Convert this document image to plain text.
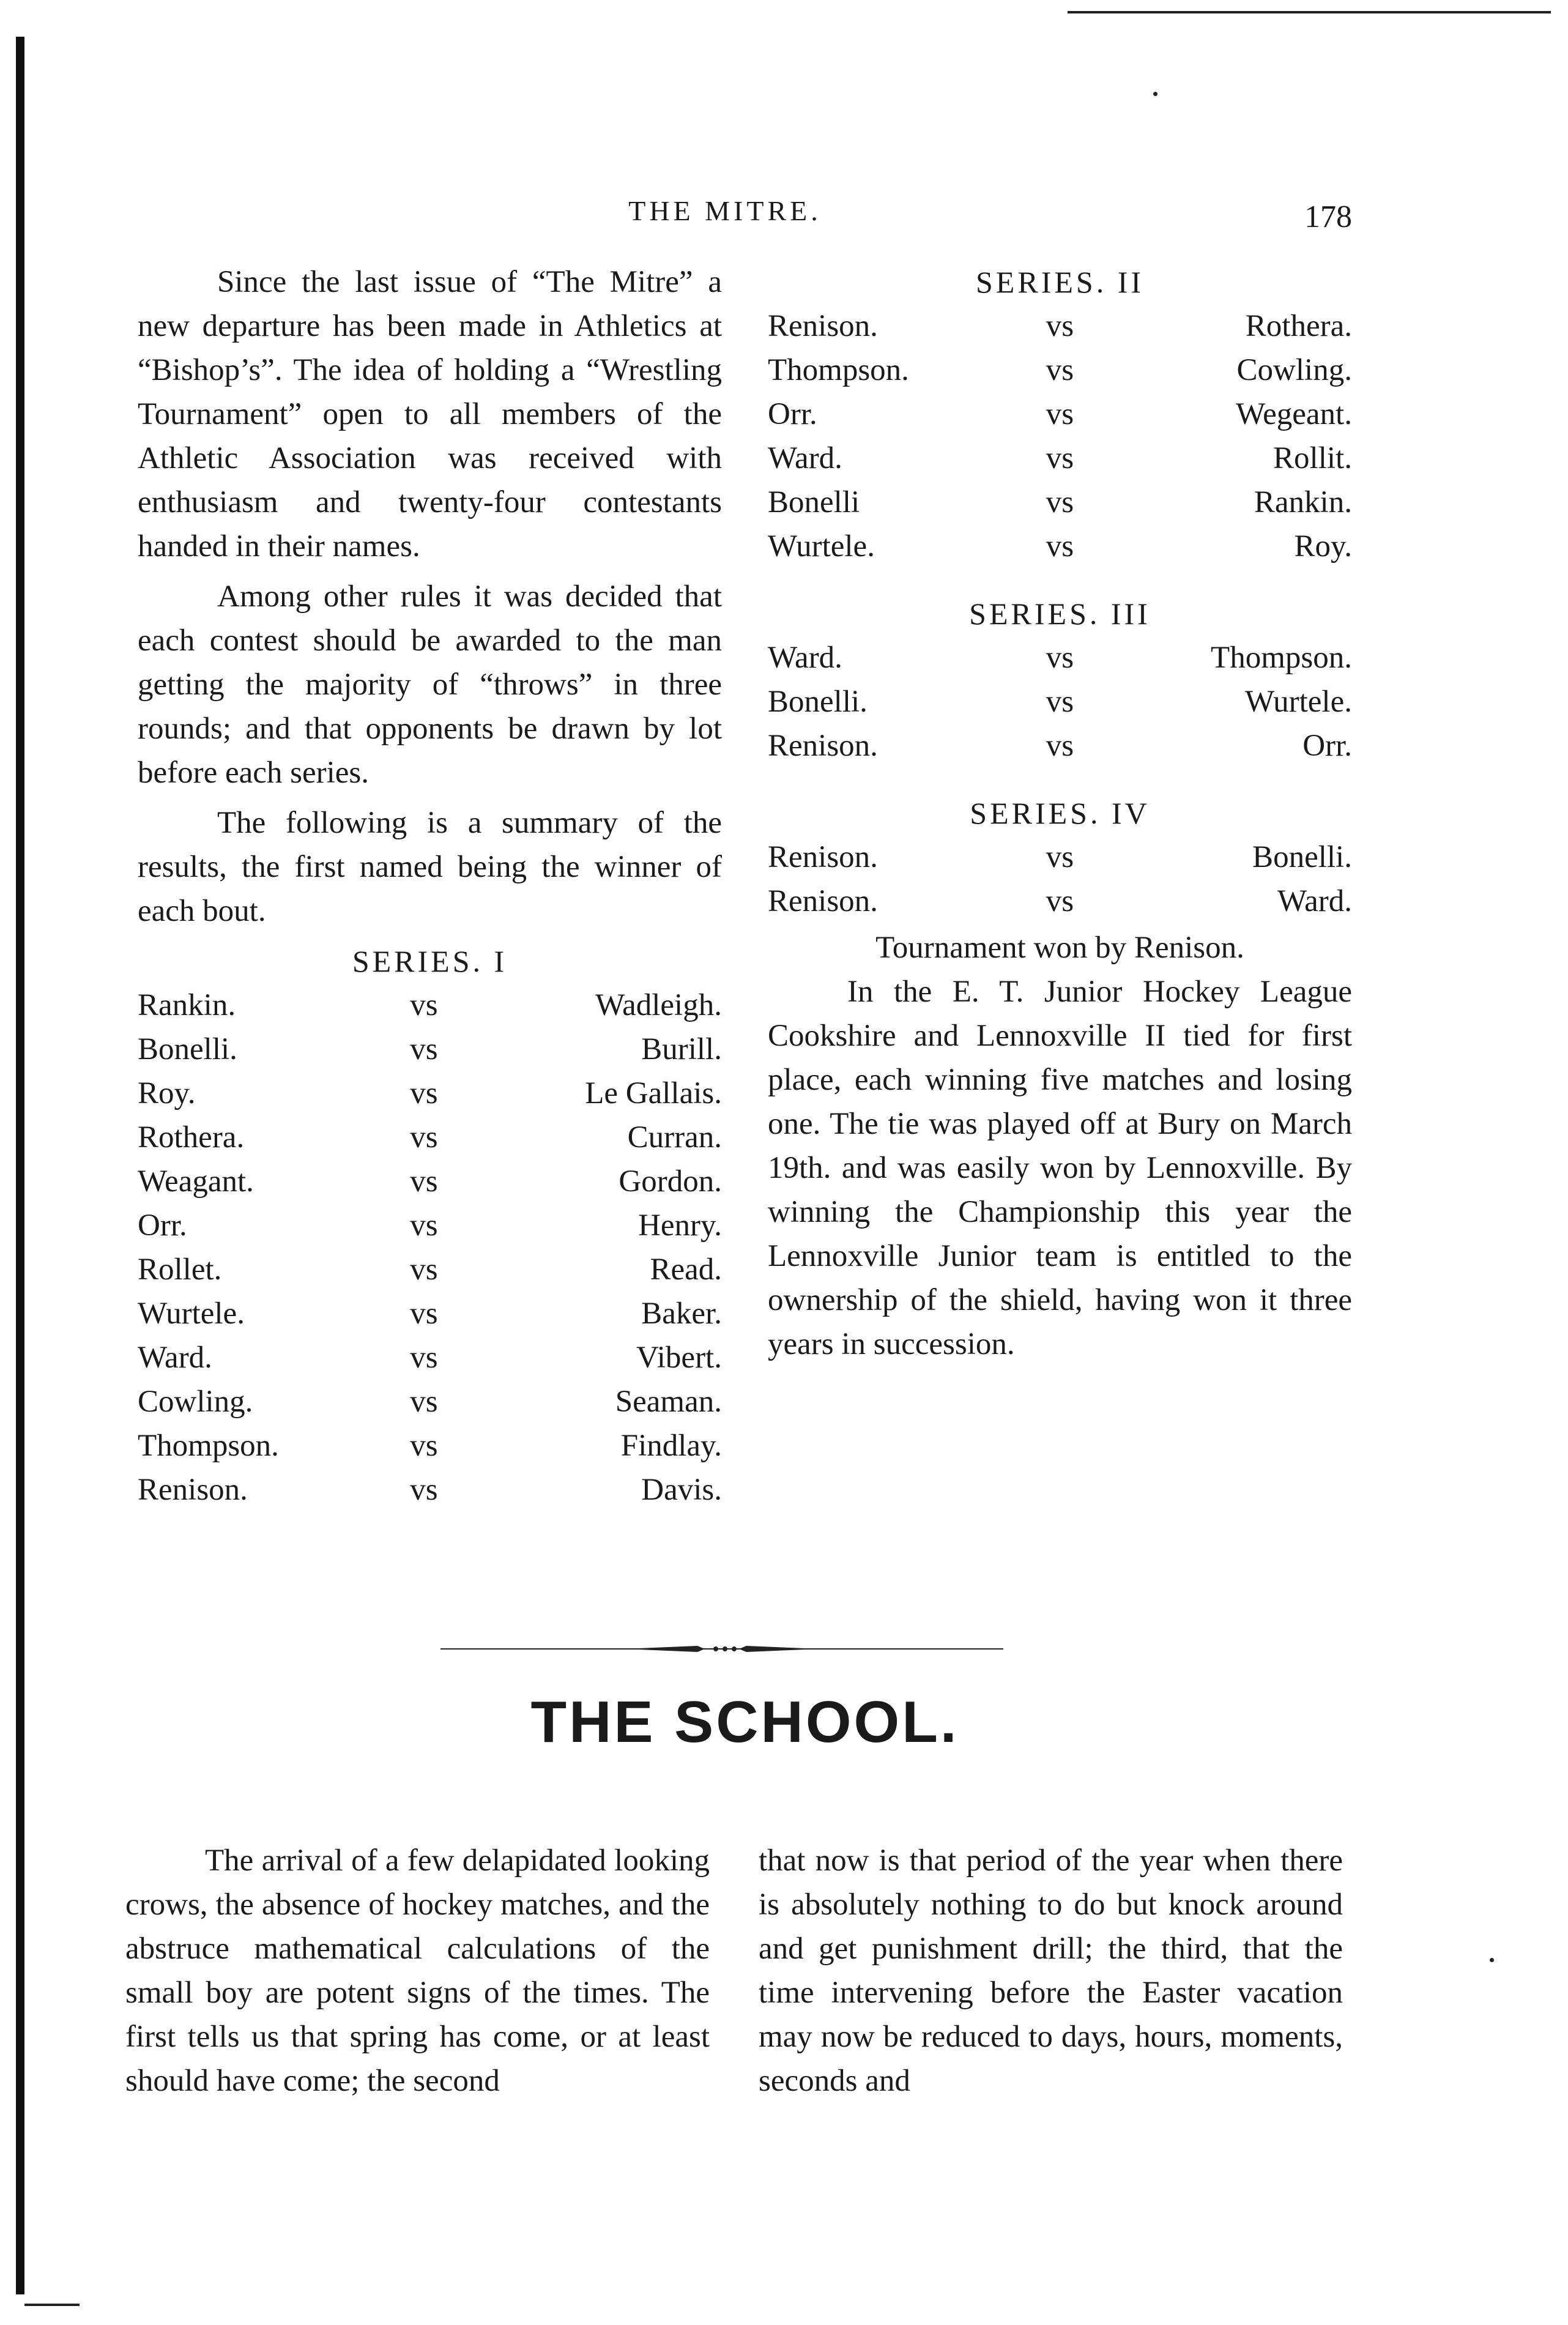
THE MITRE.	178

Since the last issue of “The Mitre” a new departure has been made in Athletics at “Bishop’s”. The idea of holding a “Wrestling Tournament” open to all members of the Athletic Association was received with enthusiasm and twenty-four contestants handed in their names.

Among other rules it was decided that each contest should be awarded to the man getting the majority of “throws” in three rounds; and that opponents be drawn by lot before each series.

The following is a summary of the results, the first named being the winner of each bout.

SERIES. I
Rankin.	vs	Wadleigh.
Bonelli.	vs	Burill.
Roy.	vs	Le Gallais.
Rothera.	vs	Curran.
Weagant.	vs	Gordon.
Orr.	vs	Henry.
Rollet.	vs	Read.
Wurtele.	vs	Baker.
Ward.	vs	Vibert.
Cowling.	vs	Seaman.
Thompson.	vs	Findlay.
Renison.	vs	Davis.
SERIES. II
Renison.	vs	Rothera.
Thompson.	vs	Cowling.
Orr.	vs	Wegeant.
Ward.	vs	Rollit.
Bonelli	vs	Rankin.
Wurtele.	vs	Roy.
SERIES. III
Ward.	vs	Thompson.
Bonelli.	vs	Wurtele.
Renison.	vs	Orr.
SERIES. IV
Renison.	vs	Bonelli.
Renison.	vs	Ward.
Tournament won by Renison.

In the E. T. Junior Hockey League Cookshire and Lennoxville II tied for first place, each winning five matches and losing one. The tie was played off at Bury on March 19th. and was easily won by Lennoxville. By winning the Championship this year the Lennoxville Junior team is entitled to the ownership of the shield, having won it three years in succession.

THE SCHOOL.

The arrival of a few delapidated looking crows, the absence of hockey matches, and the abstruce mathematical calculations of the small boy are potent signs of the times. The first tells us that spring has come, or at least should have come; the second

that now is that period of the year when there is absolutely nothing to do but knock around and get punishment drill; the third, that the time intervening before the Easter vacation may now be reduced to days, hours, moments, seconds and
